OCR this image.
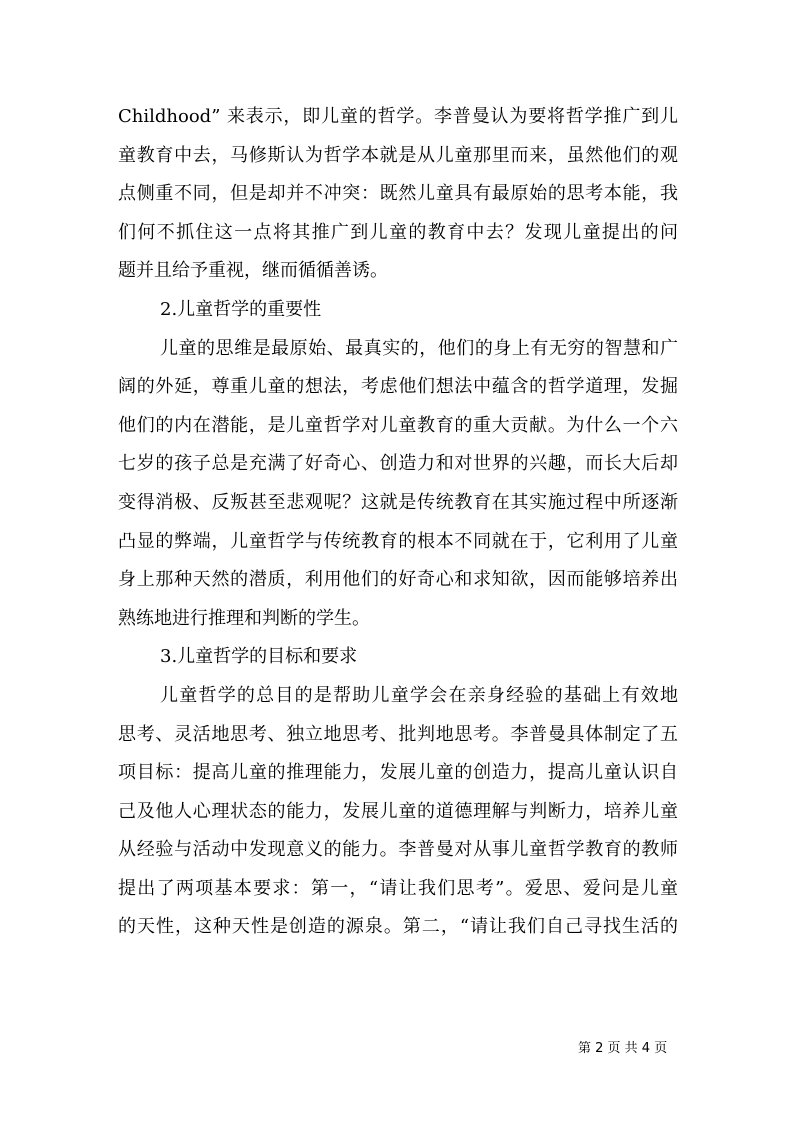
Childhood” 来表示，即儿童的哲学。李普曼认为要将哲学推广到儿
童教育中去，马修斯认为哲学本就是从儿童那里而来，虽然他们的观
点侧重不同，但是却并不冲突：既然儿童具有最原始的思考本能，我
们何不抓住这一点将其推广到儿童的教育中去？发现儿童提出的问
题并且给予重视，继而循循善诱。
2.儿童哲学的重要性
儿童的思维是最原始、最真实的，他们的身上有无穷的智慧和广
阔的外延，尊重儿童的想法，考虑他们想法中蕴含的哲学道理，发掘
他们的内在潜能，是儿童哲学对儿童教育的重大贡献。为什么一个六
七岁的孩子总是充满了好奇心、创造力和对世界的兴趣，而长大后却
变得消极、反叛甚至悲观呢？这就是传统教育在其实施过程中所逐渐
凸显的弊端，儿童哲学与传统教育的根本不同就在于，它利用了儿童
身上那种天然的潜质，利用他们的好奇心和求知欲，因而能够培养出
熟练地进行推理和判断的学生。
3.儿童哲学的目标和要求
儿童哲学的总目的是帮助儿童学会在亲身经验的基础上有效地
思考、灵活地思考、独立地思考、批判地思考。李普曼具体制定了五
项目标：提高儿童的推理能力，发展儿童的创造力，提高儿童认识自
己及他人心理状态的能力，发展儿童的道德理解与判断力，培养儿童
从经验与活动中发现意义的能力。李普曼对从事儿童哲学教育的教师
提出了两项基本要求：第一，“请让我们思考”。爱思、爱问是儿童
的天性，这种天性是创造的源泉。第二，“请让我们自己寻找生活的
第 2 页 共 4 页
